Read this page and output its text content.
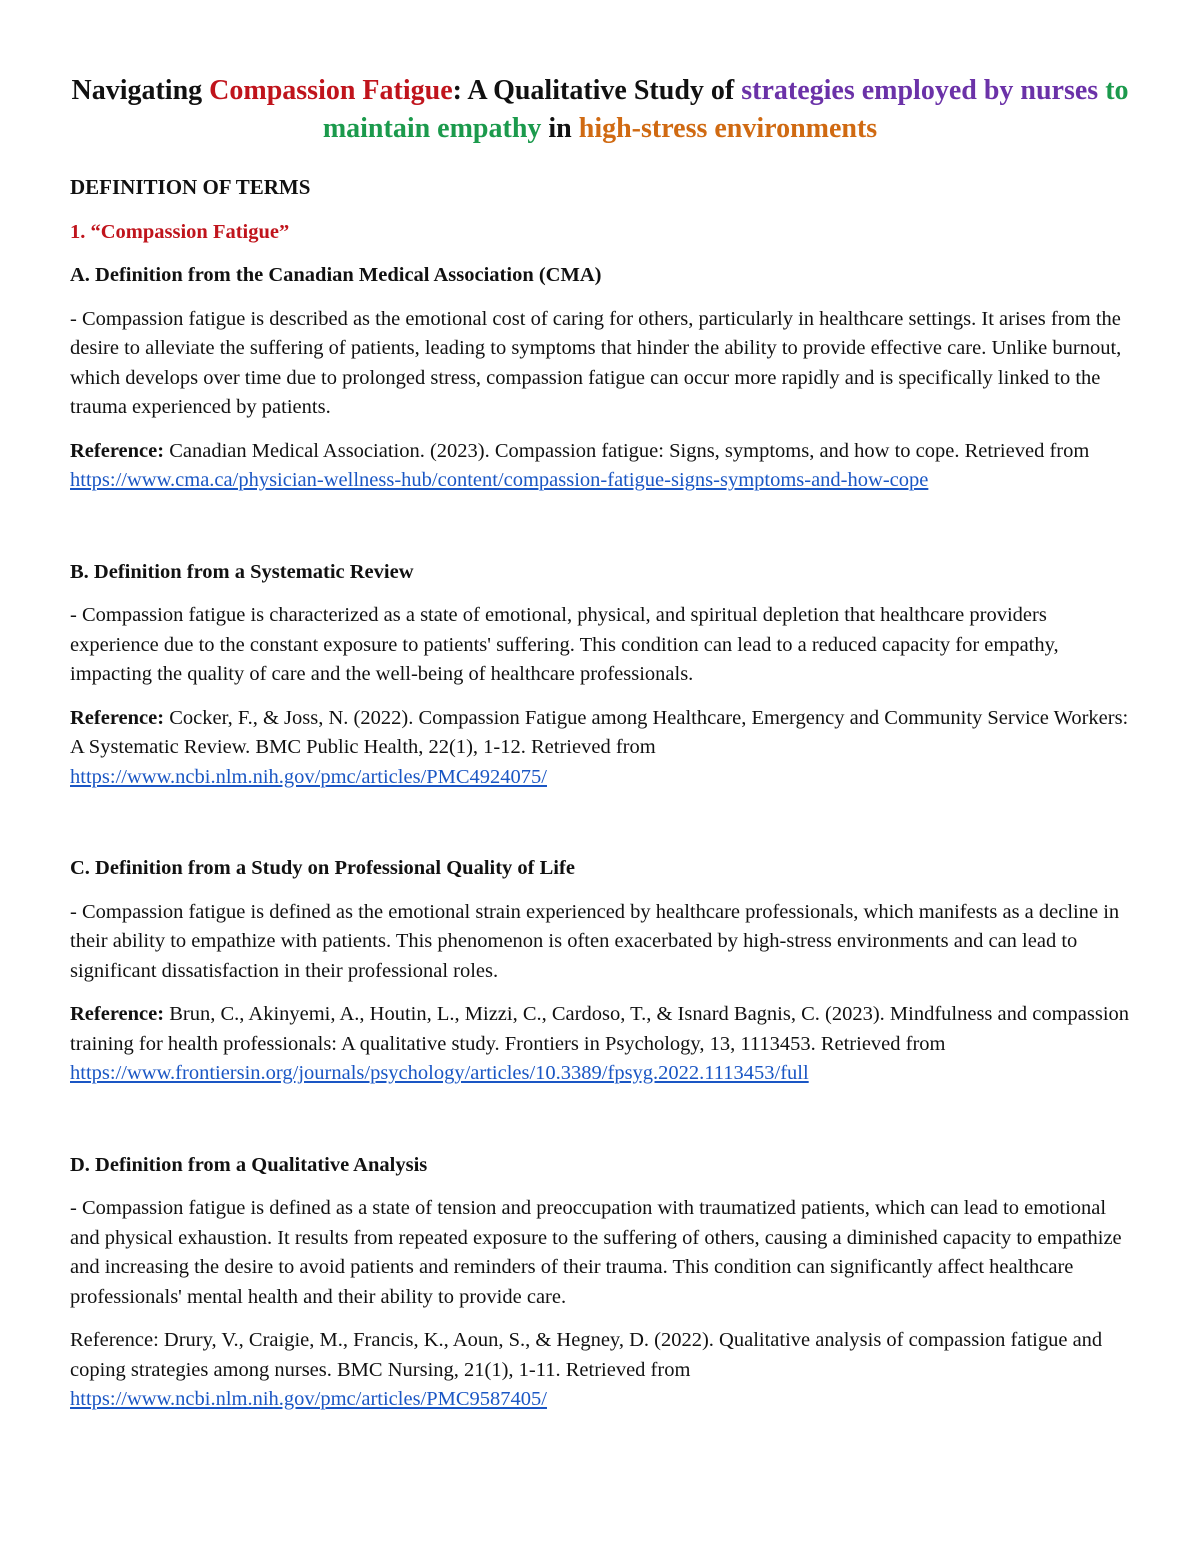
Navigating Compassion Fatigue: A Qualitative Study of strategies employed by nurses to maintain empathy in high-stress environments

DEFINITION OF TERMS

1. “Compassion Fatigue”

A. Definition from the Canadian Medical Association (CMA)

- Compassion fatigue is described as the emotional cost of caring for others, particularly in healthcare settings. It arises from the desire to alleviate the suffering of patients, leading to symptoms that hinder the ability to provide effective care. Unlike burnout, which develops over time due to prolonged stress, compassion fatigue can occur more rapidly and is specifically linked to the trauma experienced by patients.

Reference: Canadian Medical Association. (2023). Compassion fatigue: Signs, symptoms, and how to cope. Retrieved from https://www.cma.ca/physician-wellness-hub/content/compassion-fatigue-signs-symptoms-and-how-cope

B. Definition from a Systematic Review

- Compassion fatigue is characterized as a state of emotional, physical, and spiritual depletion that healthcare providers experience due to the constant exposure to patients' suffering. This condition can lead to a reduced capacity for empathy, impacting the quality of care and the well-being of healthcare professionals.

Reference: Cocker, F., & Joss, N. (2022). Compassion Fatigue among Healthcare, Emergency and Community Service Workers: A Systematic Review. BMC Public Health, 22(1), 1-12. Retrieved from https://www.ncbi.nlm.nih.gov/pmc/articles/PMC4924075/

C. Definition from a Study on Professional Quality of Life

- Compassion fatigue is defined as the emotional strain experienced by healthcare professionals, which manifests as a decline in their ability to empathize with patients. This phenomenon is often exacerbated by high-stress environments and can lead to significant dissatisfaction in their professional roles.

Reference: Brun, C., Akinyemi, A., Houtin, L., Mizzi, C., Cardoso, T., & Isnard Bagnis, C. (2023). Mindfulness and compassion training for health professionals: A qualitative study. Frontiers in Psychology, 13, 1113453. Retrieved from https://www.frontiersin.org/journals/psychology/articles/10.3389/fpsyg.2022.1113453/full

D. Definition from a Qualitative Analysis

- Compassion fatigue is defined as a state of tension and preoccupation with traumatized patients, which can lead to emotional and physical exhaustion. It results from repeated exposure to the suffering of others, causing a diminished capacity to empathize and increasing the desire to avoid patients and reminders of their trauma. This condition can significantly affect healthcare professionals' mental health and their ability to provide care.

Reference: Drury, V., Craigie, M., Francis, K., Aoun, S., & Hegney, D. (2022). Qualitative analysis of compassion fatigue and coping strategies among nurses. BMC Nursing, 21(1), 1-11. Retrieved from https://www.ncbi.nlm.nih.gov/pmc/articles/PMC9587405/
